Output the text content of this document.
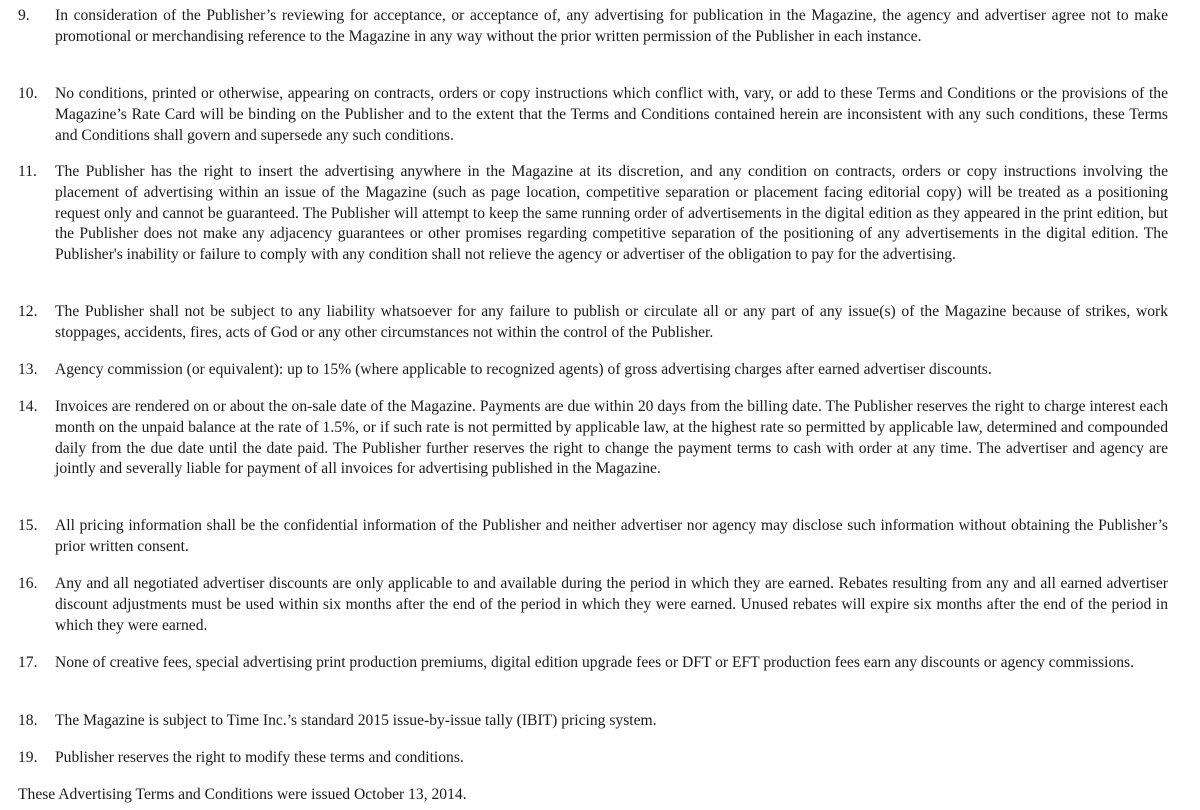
9.	In consideration of the Publisher’s reviewing for acceptance, or acceptance of, any advertising for publication in the Magazine, the agency and advertiser agree not to make promotional or merchandising reference to the Magazine in any way without the prior written permission of the Publisher in each instance.
10.	No conditions, printed or otherwise, appearing on contracts, orders or copy instructions which conflict with, vary, or add to these Terms and Conditions or the provisions of the Magazine’s Rate Card will be binding on the Publisher and to the extent that the Terms and Conditions contained herein are inconsistent with any such conditions, these Terms and Conditions shall govern and supersede any such conditions.
11.	The Publisher has the right to insert the advertising anywhere in the Magazine at its discretion, and any condition on contracts, orders or copy instructions involving the placement of advertising within an issue of the Magazine (such as page location, competitive separation or placement facing editorial copy) will be treated as a positioning request only and cannot be guaranteed. The Publisher will attempt to keep the same running order of advertisements in the digital edition as they appeared in the print edition, but the Publisher does not make any adjacency guarantees or other promises regarding competitive separation of the positioning of any advertisements in the digital edition. The Publisher's inability or failure to comply with any condition shall not relieve the agency or advertiser of the obligation to pay for the advertising.
12.	The Publisher shall not be subject to any liability whatsoever for any failure to publish or circulate all or any part of any issue(s) of the Magazine because of strikes, work stoppages, accidents, fires, acts of God or any other circumstances not within the control of the Publisher.
13.	Agency commission (or equivalent): up to 15% (where applicable to recognized agents) of gross advertising charges after earned advertiser discounts.
14.	Invoices are rendered on or about the on-sale date of the Magazine. Payments are due within 20 days from the billing date. The Publisher reserves the right to charge interest each month on the unpaid balance at the rate of 1.5%, or if such rate is not permitted by applicable law, at the highest rate so permitted by applicable law, determined and compounded daily from the due date until the date paid. The Publisher further reserves the right to change the payment terms to cash with order at any time. The advertiser and agency are jointly and severally liable for payment of all invoices for advertising published in the Magazine.
15.	All pricing information shall be the confidential information of the Publisher and neither advertiser nor agency may disclose such information without obtaining the Publisher’s prior written consent.
16.	Any and all negotiated advertiser discounts are only applicable to and available during the period in which they are earned. Rebates resulting from any and all earned advertiser discount adjustments must be used within six months after the end of the period in which they were earned. Unused rebates will expire six months after the end of the period in which they were earned.
17.	None of creative fees, special advertising print production premiums, digital edition upgrade fees or DFT or EFT production fees earn any discounts or agency commissions.
18.	The Magazine is subject to Time Inc.’s standard 2015 issue-by-issue tally (IBIT) pricing system.
19.	Publisher reserves the right to modify these terms and conditions.
These Advertising Terms and Conditions were issued October 13, 2014.
